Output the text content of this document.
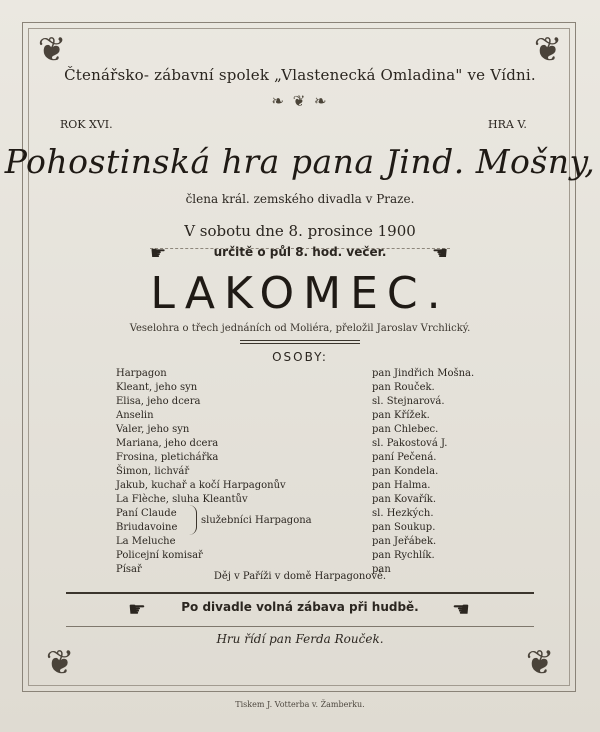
❦	❦
❦	❦
Čtenářsko- zábavní spolek „Vlastenecká Omladina" ve Vídni.
❧ ❦ ❧
ROK XVI.	HRA V.
Pohostinská hra pana Jind. Mošny,
člena král. zemského divadla v Praze.
V sobotu dne 8. prosince 1900
☛	určitě o půl 8. hod. večer.	☚
LAKOMEC.
Veselohra o třech jednáních od Moliéra, přeložil Jaroslav Vrchlický.
OSOBY:
Harpagon	pan Jindřich Mošna.
Kleant, jeho syn	pan Rouček.
Elisa, jeho dcera	sl. Stejnarová.
Anselin	pan Křížek.
Valer, jeho syn	pan Chlebec.
Mariana, jeho dcera	sl. Pakostová J.
Frosina, pletichářka	paní Pečená.
Šimon, lichvář	pan Kondela.
Jakub, kuchař a kočí Harpagonův	pan Halma.
La Flèche, sluha Kleantův	pan Kovařík.
Paní Claude	sl. Hezkých.
Briudavoine	pan Soukup.
La Meluche	pan Jeřábek.
Policejní komisař	pan Rychlík.
Písař	pan
služebníci Harpagona
Děj v Paříži v domě Harpagonově.
☛	Po divadle volná zábava při hudbě.	☚
Hru řídí pan Ferda Rouček.
Tiskem J. Votterba v. Žamberku.
